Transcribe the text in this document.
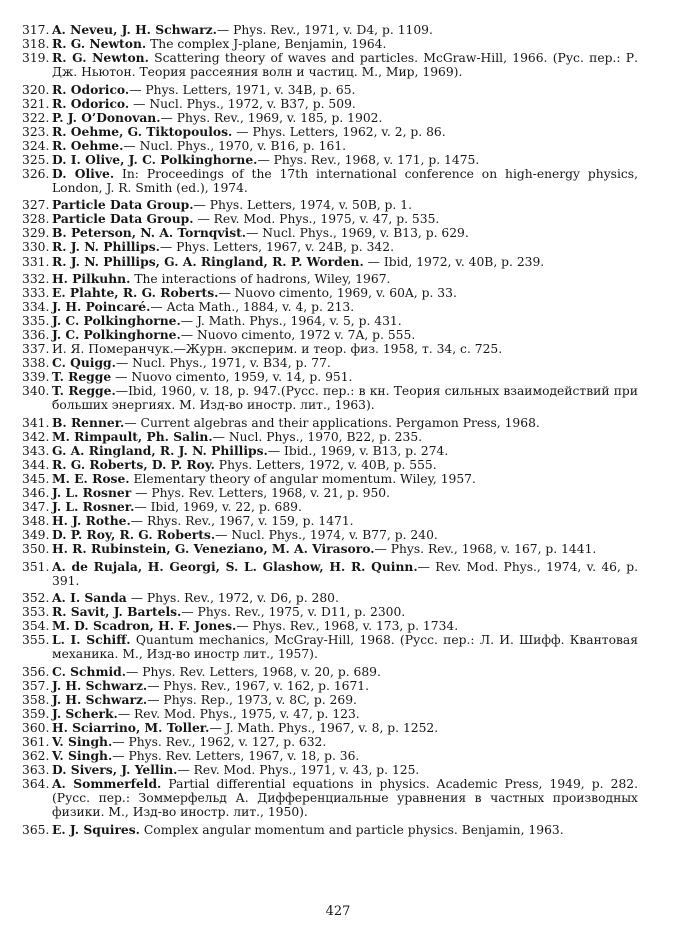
317. A. Neveu, J. H. Schwarz.— Phys. Rev., 1971, v. D4, p. 1109.
318. R. G. Newton. The complex J-plane, Benjamin, 1964.
319. R. G. Newton. Scattering theory of waves and particles. McGraw-Hill, 1966. (Рус. пер.: Р. Дж. Ньютон. Теория рассеяния волн и частиц. М., Мир, 1969).
320. R. Odorico.— Phys. Letters, 1971, v. 34B, p. 65.
321. R. Odorico. — Nucl. Phys., 1972, v. B37, p. 509.
322. P. J. O’Donovan.— Phys. Rev., 1969, v. 185, p. 1902.
323. R. Oehme, G. Tiktopoulos. — Phys. Letters, 1962, v. 2, p. 86.
324. R. Oehme.— Nucl. Phys., 1970, v. B16, p. 161.
325. D. I. Olive, J. C. Polkinghorne.— Phys. Rev., 1968, v. 171, p. 1475.
326. D. Olive. In: Proceedings of the 17th international conference on high-energy physics, London, J. R. Smith (ed.), 1974.
327. Particle Data Group.— Phys. Letters, 1974, v. 50B, p. 1.
328. Particle Data Group. — Rev. Mod. Phys., 1975, v. 47, p. 535.
329. B. Peterson, N. A. Tornqvist.— Nucl. Phys., 1969, v. B13, p. 629.
330. R. J. N. Phillips.— Phys. Letters, 1967, v. 24B, p. 342.
331. R. J. N. Phillips, G. A. Ringland, R. P. Worden. — Ibid, 1972, v. 40B, p. 239.
332. H. Pilkuhn. The interactions of hadrons, Wiley, 1967.
333. E. Plahte, R. G. Roberts.— Nuovo cimento, 1969, v. 60A, p. 33.
334. J. H. Poincaré.— Acta Math., 1884, v. 4, p. 213.
335. J. C. Polkinghorne.— J. Math. Phys., 1964, v. 5, p. 431.
336. J. C. Polkinghorne.— Nuovo cimento, 1972 v. 7A, p. 555.
337. И. Я. Померанчук.—Журн. эксперим. и теор. физ. 1958, т. 34, с. 725.
338. C. Quigg.— Nucl. Phys., 1971, v. B34, p. 77.
339. T. Regge — Nuovo cimento, 1959, v. 14, p. 951.
340. T. Regge.—Ibid, 1960, v. 18, p. 947.(Русс. пер.: в кн. Теория сильных взаимодействий при больших энергиях. М. Изд-во иностр. лит., 1963).
341. B. Renner.— Current algebras and their applications. Pergamon Press, 1968.
342. M. Rimpault, Ph. Salin.— Nucl. Phys., 1970, B22, p. 235.
343. G. A. Ringland, R. J. N. Phillips.— Ibid., 1969, v. B13, p. 274.
344. R. G. Roberts, D. P. Roy. Phys. Letters, 1972, v. 40B, p. 555.
345. M. E. Rose. Elementary theory of angular momentum. Wiley, 1957.
346. J. L. Rosner — Phys. Rev. Letters, 1968, v. 21, p. 950.
347. J. L. Rosner.— Ibid, 1969, v. 22, p. 689.
348. H. J. Rothe.— Rhys. Rev., 1967, v. 159, p. 1471.
349. D. P. Roy, R. G. Roberts.— Nucl. Phys., 1974, v. B77, p. 240.
350. H. R. Rubinstein, G. Veneziano, M. A. Virasoro.— Phys. Rev., 1968, v. 167, p. 1441.
351. A. de Rujala, H. Georgi, S. L. Glashow, H. R. Quinn.— Rev. Mod. Phys., 1974, v. 46, p. 391.
352. A. I. Sanda — Phys. Rev., 1972, v. D6, p. 280.
353. R. Savit, J. Bartels.— Phys. Rev., 1975, v. D11, p. 2300.
354. M. D. Scadron, H. F. Jones.— Phys. Rev., 1968, v. 173, p. 1734.
355. L. I. Schiff. Quantum mechanics, McGray-Hill, 1968. (Русс. пер.: Л. И. Шифф. Квантовая механика. М., Изд-во иностр лит., 1957).
356. C. Schmid.— Phys. Rev. Letters, 1968, v. 20, p. 689.
357. J. H. Schwarz.— Phys. Rev., 1967, v. 162, p. 1671.
358. J. H. Schwarz.— Phys. Rep., 1973, v. 8C, p. 269.
359. J. Scherk.— Rev. Mod. Phys., 1975, v. 47, p. 123.
360. H. Sciarrino, M. Toller.— J. Math. Phys., 1967, v. 8, p. 1252.
361. V. Singh.— Phys. Rev., 1962, v. 127, p. 632.
362. V. Singh.— Phys. Rev. Letters, 1967, v. 18, p. 36.
363. D. Sivers, J. Yellin.— Rev. Mod. Phys., 1971, v. 43, p. 125.
364. A. Sommerfeld. Partial differential equations in physics. Academic Press, 1949, p. 282. (Русс. пер.: Зоммерфельд А. Дифференциальные уравнения в частных производных физики. М., Изд-во иностр. лит., 1950).
365. E. J. Squires. Complex angular momentum and particle physics. Benjamin, 1963.
427
